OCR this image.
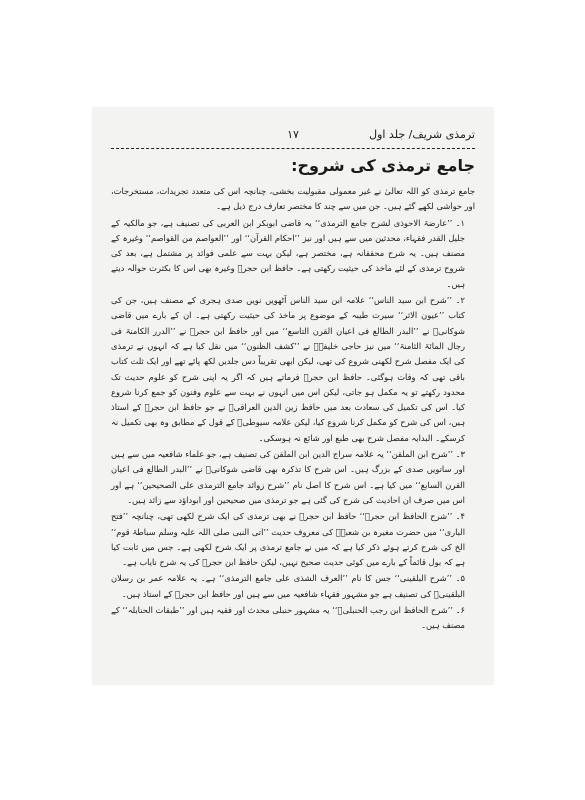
ترمذی شریف/ جلد اول
۱۷
جامع ترمذی کی شروح:

جامع ترمذی کو اللہ تعالیٰ نے غیر معمولی مقبولیت بخشی، چنانچہ اس کی متعدد تجریدات، مستخرجات، اور حواشی لکھے گئے ہیں۔ جن میں سے چند کا مختصر تعارف درج ذیل ہے۔

۱۔ ’’عارضۃ الاحوذی لشرح جامع الترمذی‘‘ یہ قاضی ابوبکر ابن العربی کی تصنیف ہے، جو مالکیہ کے جلیل القدر فقہاء، محدثین میں سے ہیں اور نیز ’’احکام القرآن‘‘ اور ’’العواصم من القواصم‘‘ وغیرہ کے مصنف ہیں۔ یہ شرح محققانہ ہے، مختصر ہے، لیکن بہت سے علمی فوائد پر مشتمل ہے، بعد کی شروح ترمذی کے لئے ماخذ کی حیثیت رکھتی ہے۔ حافظ ابن حجرؒ وغیرہ بھی اس کا بکثرت حوالہ دیتے ہیں۔

۲۔ ’’شرح ابن سید الناس‘‘ علامہ ابن سید الناس آٹھویں نویں صدی ہجری کے مصنف ہیں، جن کی کتاب ’’عیون الاثر‘‘ سیرت طیبہ کے موضوع پر ماخذ کی حیثیت رکھتی ہے۔ ان کے بارے میں قاضی شوکانیؒ نے ’’البدر الطالع فی اعیان القرن التاسع‘‘ میں اور حافظ ابن حجرؒ نے ’’الدرر الکامنۃ فی رجال المائۃ الثامنۃ‘‘ میں نیز حاجی خلیفہؒ نے ’’کشف الظنون‘‘ میں نقل کیا ہے کہ انہوں نے ترمذی کی ایک مفصل شرح لکھنی شروع کی تھی، لیکن ابھی تقریباً دس جلدیں لکھ پائے تھے اور ایک ثلث کتاب باقی تھی کہ وفات ہوگئی۔ حافظ ابن حجرؒ فرماتے ہیں کہ اگر یہ اپنی شرح کو علوم حدیث تک محدود رکھتے تو یہ مکمل ہو جاتی، لیکن اس میں انہوں نے بہت سے علوم وفنون کو جمع کرنا شروع کیا۔ اس کی تکمیل کی سعادت بعد میں حافظ زین الدین العراقیؒ نے جو حافظ ابن حجرؒ کے استاذ ہیں، اس کی شرح کو مکمل کرنا شروع کیا، لیکن علامہ سیوطیؒ کے قول کے مطابق وہ بھی تکمیل نہ کرسکے۔ البدایہ مفصل شرح بھی طبع اور شائع نہ ہوسکی۔

۳۔ ’’شرح ابن الملقن‘‘ یہ علامہ سراج الدین ابن الملقن کی تصنیف ہے، جو علماء شافعیہ میں سے ہیں اور ساتویں صدی کے بزرگ ہیں۔ اس شرح کا تذکرہ بھی قاضی شوکانیؒ نے ’’البدر الطالع فی اعیان القرن السابع‘‘ میں کیا ہے۔ اس شرح کا اصل نام ’’شرح زوائد جامع الترمذی علی الصحیحین‘‘ ہے اور اس میں صرف ان احادیث کی شرح کی گئی ہے جو ترمذی میں صحیحین اور ابوداؤد سے زائد ہیں۔

۴۔ ’’شرح الحافظ ابن حجرؒ‘‘ حافظ ابن حجرؒ نے بھی ترمذی کی ایک شرح لکھی تھی، چنانچہ ’’فتح الباری‘‘ میں حضرت مغیرہ بن شعبہؓ کی معروف حدیث ’’اتی النبی صلی اللہ علیہ وسلم سباطۃ قوم‘‘ الخ کی شرح کرتے ہوئے ذکر کیا ہے کہ میں نے جامع ترمذی پر ایک شرح لکھی ہے۔ جس میں ثابت کیا ہے کہ بول قائماً کے بارے میں کوئی حدیث صحیح نہیں، لیکن حافظ ابن حجرؒ کی یہ شرح نایاب ہے۔

۵۔ ’’شرح البلقینی‘‘ جس کا نام ’’العرف الشذی علی جامع الترمذی‘‘ ہے۔ یہ علامہ عمر بن رسلان البلقینیؒ کی تصنیف ہے جو مشہور فقہاء شافعیہ میں سے ہیں اور حافظ ابن حجرؒ کے استاذ ہیں۔

۶۔ ’’شرح الحافظ ابن رجب الحنبلیؒ‘‘ یہ مشہور حنبلی محدث اور فقیہ ہیں اور ’’طبقات الحنابلہ‘‘ کے مصنف ہیں۔
